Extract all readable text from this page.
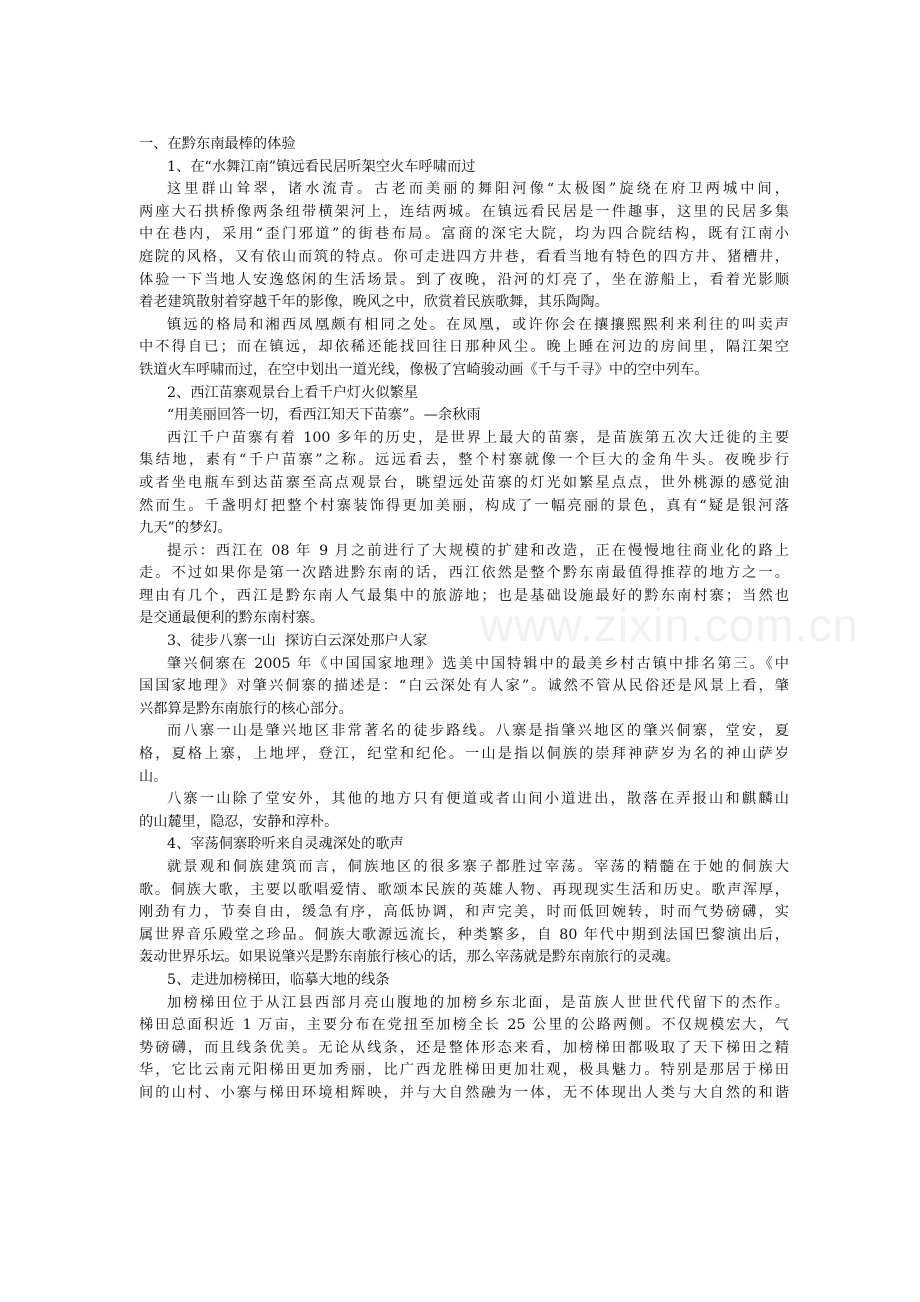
www.zixin.com.cn
一、在黔东南最棒的体验
1、在“水舞江南”镇远看民居听架空火车呼啸而过
这里群山耸翠，诸水流青。古老而美丽的舞阳河像“太极图”旋绕在府卫两城中间，
两座大石拱桥像两条纽带横架河上，连结两城。在镇远看民居是一件趣事，这里的民居多集
中在巷内，采用“歪门邪道”的街巷布局。富商的深宅大院，均为四合院结构，既有江南小
庭院的风格，又有依山而筑的特点。你可走进四方井巷，看看当地有特色的四方井、猪槽井，
体验一下当地人安逸悠闲的生活场景。到了夜晚，沿河的灯亮了，坐在游船上，看着光影顺
着老建筑散射着穿越千年的影像，晚风之中，欣赏着民族歌舞，其乐陶陶。
镇远的格局和湘西凤凰颇有相同之处。在凤凰，或许你会在攘攘熙熙利来利往的叫卖声
中不得自已；而在镇远，却依稀还能找回往日那种风尘。晚上睡在河边的房间里，隔江架空
铁道火车呼啸而过，在空中划出一道光线，像极了宫崎骏动画《千与千寻》中的空中列车。
2、西江苗寨观景台上看千户灯火似繁星
“用美丽回答一切，看西江知天下苗寨”。—余秋雨
西江千户苗寨有着 100 多年的历史，是世界上最大的苗寨，是苗族第五次大迁徙的主要
集结地，素有“千户苗寨”之称。远远看去，整个村寨就像一个巨大的金角牛头。夜晚步行
或者坐电瓶车到达苗寨至高点观景台，眺望远处苗寨的灯光如繁星点点，世外桃源的感觉油
然而生。千盏明灯把整个村寨装饰得更加美丽，构成了一幅亮丽的景色，真有“疑是银河落
九天”的梦幻。
提示：西江在 08 年 9 月之前进行了大规模的扩建和改造，正在慢慢地往商业化的路上
走。不过如果你是第一次踏进黔东南的话，西江依然是整个黔东南最值得推荐的地方之一。
理由有几个，西江是黔东南人气最集中的旅游地；也是基础设施最好的黔东南村寨；当然也
是交通最便利的黔东南村寨。
3、徒步八寨一山  探访白云深处那户人家
肇兴侗寨在 2005 年《中国国家地理》选美中国特辑中的最美乡村古镇中排名第三。《中
国国家地理》对肇兴侗寨的描述是：“白云深处有人家”。诚然不管从民俗还是风景上看，肇
兴都算是黔东南旅行的核心部分。
而八寨一山是肇兴地区非常著名的徒步路线。八寨是指肇兴地区的肇兴侗寨，堂安，夏
格，夏格上寨，上地坪，登江，纪堂和纪伦。一山是指以侗族的崇拜神萨岁为名的神山萨岁
山。
八寨一山除了堂安外，其他的地方只有便道或者山间小道进出，散落在弄报山和麒麟山
的山麓里，隐忍，安静和淳朴。
4、宰荡侗寨聆听来自灵魂深处的歌声
就景观和侗族建筑而言，侗族地区的很多寨子都胜过宰荡。宰荡的精髓在于她的侗族大
歌。侗族大歌，主要以歌唱爱情、歌颂本民族的英雄人物、再现现实生活和历史。歌声浑厚，
刚劲有力，节奏自由，缓急有序，高低协调，和声完美，时而低回婉转，时而气势磅礴，实
属世界音乐殿堂之珍品。侗族大歌源远流长，种类繁多，自 80 年代中期到法国巴黎演出后，
轰动世界乐坛。如果说肇兴是黔东南旅行核心的话，那么宰荡就是黔东南旅行的灵魂。
5、走进加榜梯田，临摹大地的线条
加榜梯田位于从江县西部月亮山腹地的加榜乡东北面，是苗族人世世代代留下的杰作。
梯田总面积近 1 万亩，主要分布在党扭至加榜全长 25 公里的公路两侧。不仅规模宏大，气
势磅礴，而且线条优美。无论从线条，还是整体形态来看，加榜梯田都吸取了天下梯田之精
华，它比云南元阳梯田更加秀丽，比广西龙胜梯田更加壮观，极具魅力。特别是那居于梯田
间的山村、小寨与梯田环境相辉映，并与大自然融为一体，无不体现出人类与大自然的和谐
